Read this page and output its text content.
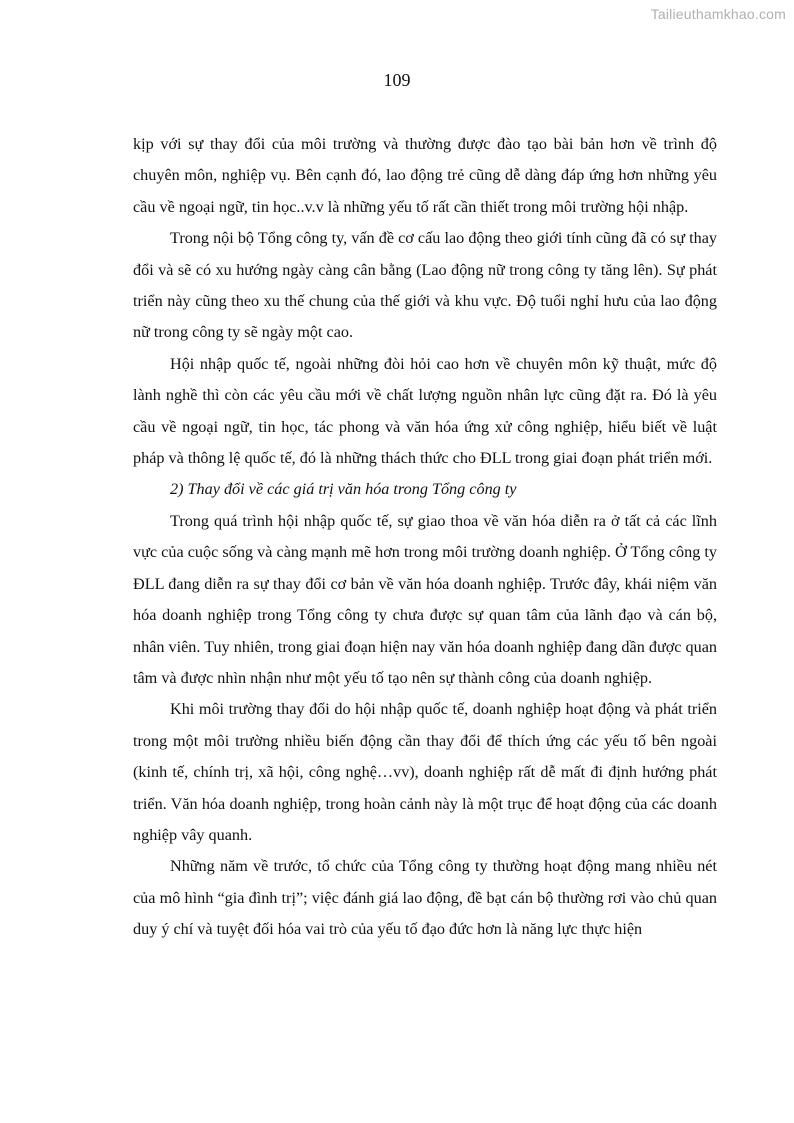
Tailieuthamkhao.com
109

kịp với sự thay đổi của môi trường và thường được đào tạo bài bản hơn về trình độ chuyên môn, nghiệp vụ. Bên cạnh đó, lao động trẻ cũng dễ dàng đáp ứng hơn những yêu cầu về ngoại ngữ, tin học..v.v là những yếu tố rất cần thiết trong môi trường hội nhập.

Trong nội bộ Tổng công ty, vấn đề cơ cấu lao động theo giới tính cũng đã có sự thay đổi và sẽ có xu hướng ngày càng cân bằng (Lao động nữ trong công ty tăng lên). Sự phát triển này cũng theo xu thế chung của thế giới và khu vực. Độ tuổi nghỉ hưu của lao động nữ trong công ty sẽ ngày một cao.

Hội nhập quốc tế, ngoài những đòi hỏi cao hơn về chuyên môn kỹ thuật, mức độ lành nghề thì còn các yêu cầu mới về chất lượng nguồn nhân lực cũng đặt ra. Đó là yêu cầu về ngoại ngữ, tin học, tác phong và văn hóa ứng xử công nghiệp, hiểu biết về luật pháp và thông lệ quốc tế, đó là những thách thức cho ĐLL trong giai đoạn phát triển mới.

2) Thay đổi về các giá trị văn hóa trong Tổng công ty

Trong quá trình hội nhập quốc tế, sự giao thoa về văn hóa diễn ra ở tất cả các lĩnh vực của cuộc sống và càng mạnh mẽ hơn trong môi trường doanh nghiệp. Ở Tổng công ty ĐLL đang diễn ra sự thay đổi cơ bản về văn hóa doanh nghiệp. Trước đây, khái niệm văn hóa doanh nghiệp trong Tổng công ty chưa được sự quan tâm của lãnh đạo và cán bộ, nhân viên. Tuy nhiên, trong giai đoạn hiện nay văn hóa doanh nghiệp đang dần được quan tâm và được nhìn nhận như một yếu tố tạo nên sự thành công của doanh nghiệp.

Khi môi trường thay đổi do hội nhập quốc tế, doanh nghiệp hoạt động và phát triển trong một môi trường nhiều biến động cần thay đổi để thích ứng các yếu tố bên ngoài (kinh tế, chính trị, xã hội, công nghệ…vv), doanh nghiệp rất dễ mất đi định hướng phát triển. Văn hóa doanh nghiệp, trong hoàn cảnh này là một trục để hoạt động của các doanh nghiệp vây quanh.

Những năm về trước, tổ chức của Tổng công ty thường hoạt động mang nhiều nét của mô hình “gia đình trị”; việc đánh giá lao động, đề bạt cán bộ thường rơi vào chủ quan duy ý chí và tuyệt đối hóa vai trò của yếu tố đạo đức hơn là năng lực thực hiện
